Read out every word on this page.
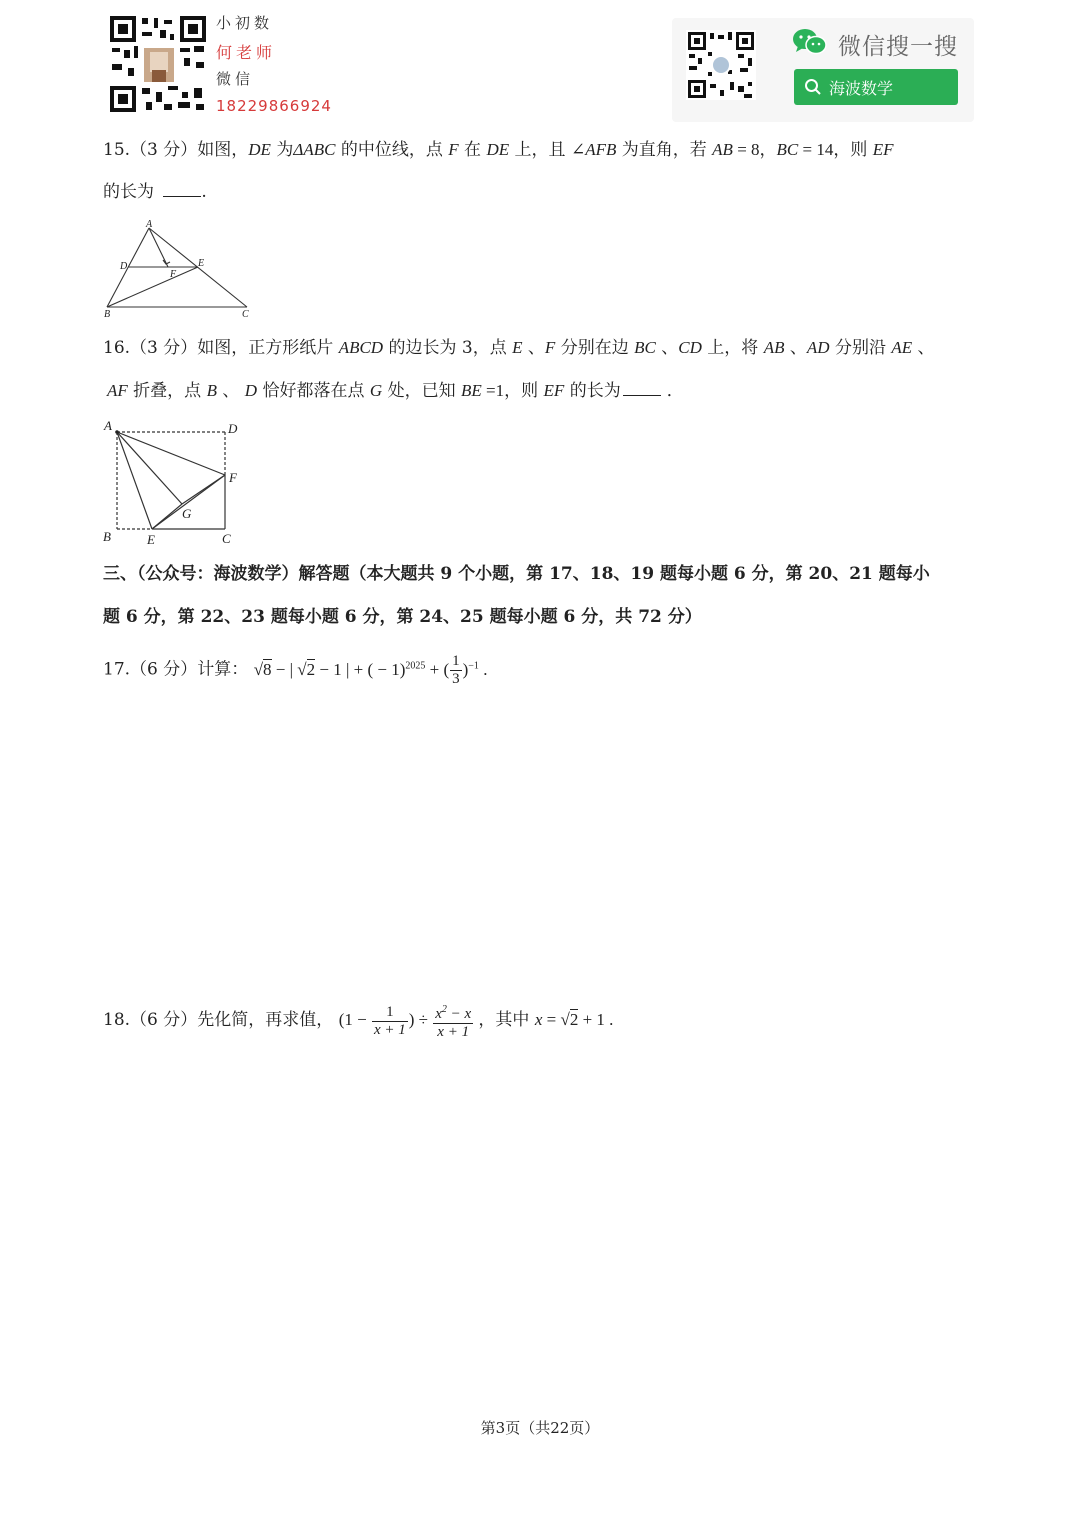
小初数
何老师
微信
18229866924
微信搜一搜
海波数学
15.（3 分）如图，DE 为ΔABC 的中位线，点 F 在 DE 上，且 ∠AFB 为直角，若 AB = 8，BC = 14，则 EF
的长为	.
A
D	E
F
B	C
16.（3 分）如图，正方形纸片 ABCD 的边长为 3，点 E 、F 分别在边 BC 、CD 上，将 AB 、AD 分别沿 AE 、
AF 折叠，点 B 、 D 恰好都落在点 G 处，已知 BE =1，则 EF 的长为	．
A	D
F
G
B	E	C
三、（公众号：海波数学）解答题（本大题共 9 个小题，第 17、18、19 题每小题 6 分，第 20、21 题每小
题 6 分，第 22、23 题每小题 6 分，第 24、25 题每小题 6 分，共 72 分）
17.（6 分）计算： √8 − | √2 − 1 | + ( − 1)$^{2025}$ + ( $\frac{1}{3} )^{-1}$ .
18.（6 分）先化简，再求值， ($1 - \frac{1}{x + 1}$ ) ÷ $\frac{x^2 - x}{x + 1}$ ，其中 x = √2 + 1 .
第3页（共22页）
